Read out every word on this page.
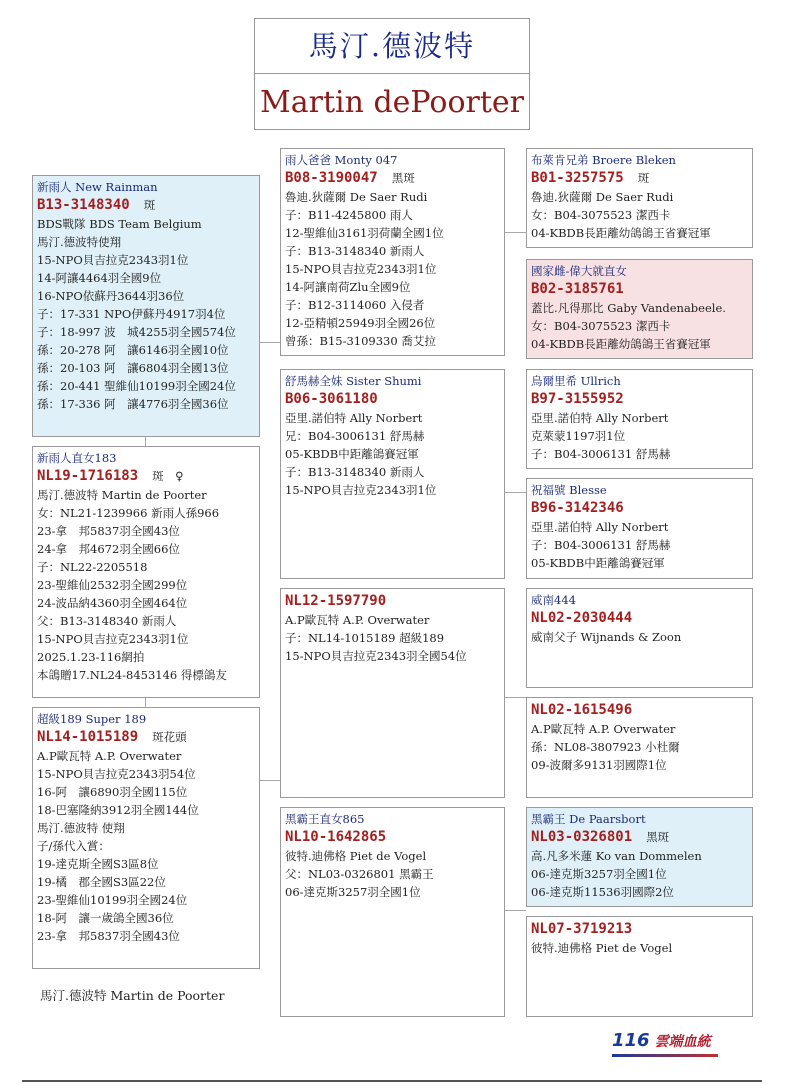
馬汀.德波特
Martin dePoorter
新雨人 New Rainman
B13-3148340 斑
BDS戰隊 BDS Team Belgium
馬汀.德波特使翔
15-NPO貝吉拉克2343羽1位
14-阿讓4464羽全國9位
16-NPO依蘇丹3644羽36位
子：17-331 NPO伊蘇丹4917羽4位
子：18-997 波　城4255羽全國574位
孫：20-278 阿　讓6146羽全國10位
孫：20-103 阿　讓6804羽全國13位
孫：20-441 聖維仙10199羽全國24位
孫：17-336 阿　讓4776羽全國36位
新雨人直女183
NL19-1716183 斑　♀
馬汀.德波特 Martin de Poorter
女：NL21-1239966 新雨人孫966
23-拿　邦5837羽全國43位
24-拿　邦4672羽全國66位
子：NL22-2205518
23-聖維仙2532羽全國299位
24-波品納4360羽全國464位
父：B13-3148340 新雨人
15-NPO貝吉拉克2343羽1位
2025.1.23-116網拍
本鴿贈17.NL24-8453146 得標鴿友
超級189 Super 189
NL14-1015189 斑花頭
A.P歐瓦特 A.P. Overwater
15-NPO貝吉拉克2343羽54位
16-阿　讓6890羽全國115位
18-巴塞隆納3912羽全國144位
馬汀.德波特 使翔
子/孫代入賞：
19-達克斯全國S3區8位
19-橘　郡全國S3區22位
23-聖維仙10199羽全國24位
18-阿　讓一歲鴿全國36位
23-拿　邦5837羽全國43位
雨人爸爸 Monty 047
B08-3190047 黑斑
魯迪.狄薩爾 De Saer Rudi
子：B11-4245800 雨人
12-聖維仙3161羽荷蘭全國1位
子：B13-3148340 新雨人
15-NPO貝吉拉克2343羽1位
14-阿讓南荷Zlu全國9位
子：B12-3114060 入侵者
12-亞精頓25949羽全國26位
曾孫：B15-3109330 喬艾拉
舒馬赫全妹 Sister Shumi
B06-3061180
亞里.諾伯特 Ally Norbert
兄：B04-3006131 舒馬赫
05-KBDB中距離鴿賽冠軍
子：B13-3148340 新雨人
15-NPO貝吉拉克2343羽1位
NL12-1597790
A.P歐瓦特 A.P. Overwater
子：NL14-1015189 超級189
15-NPO貝吉拉克2343羽全國54位
黑霸王直女865
NL10-1642865
彼特.迪佛格 Piet de Vogel
父：NL03-0326801 黑霸王
06-達克斯3257羽全國1位
布萊肯兄弟 Broere Bleken
B01-3257575 斑
魯迪.狄薩爾 De Saer Rudi
女：B04-3075523 潔西卡
04-KBDB長距離幼鴿鴿王省賽冠軍
國家雌-偉大就直女
B02-3185761
蓋比.凡得那比 Gaby Vandenabeele.
女：B04-3075523 潔西卡
04-KBDB長距離幼鴿鴿王省賽冠軍
烏爾里希 Ullrich
B97-3155952
亞里.諾伯特 Ally Norbert
克萊蒙1197羽1位
子：B04-3006131 舒馬赫
祝福號 Blesse
B96-3142346
亞里.諾伯特 Ally Norbert
子：B04-3006131 舒馬赫
05-KBDB中距離鴿賽冠軍
威南444
NL02-2030444
威南父子 Wijnands & Zoon
NL02-1615496
A.P歐瓦特 A.P. Overwater
孫：NL08-3807923 小杜爾
09-波爾多9131羽國際1位
黑霸王 De Paarsbort
NL03-0326801 黑斑
高.凡多米蓮 Ko van Dommelen
06-達克斯3257羽全國1位
06-達克斯11536羽國際2位
NL07-3719213
彼特.迪佛格 Piet de Vogel
馬汀.德波特 Martin de Poorter
116 雲端血統
